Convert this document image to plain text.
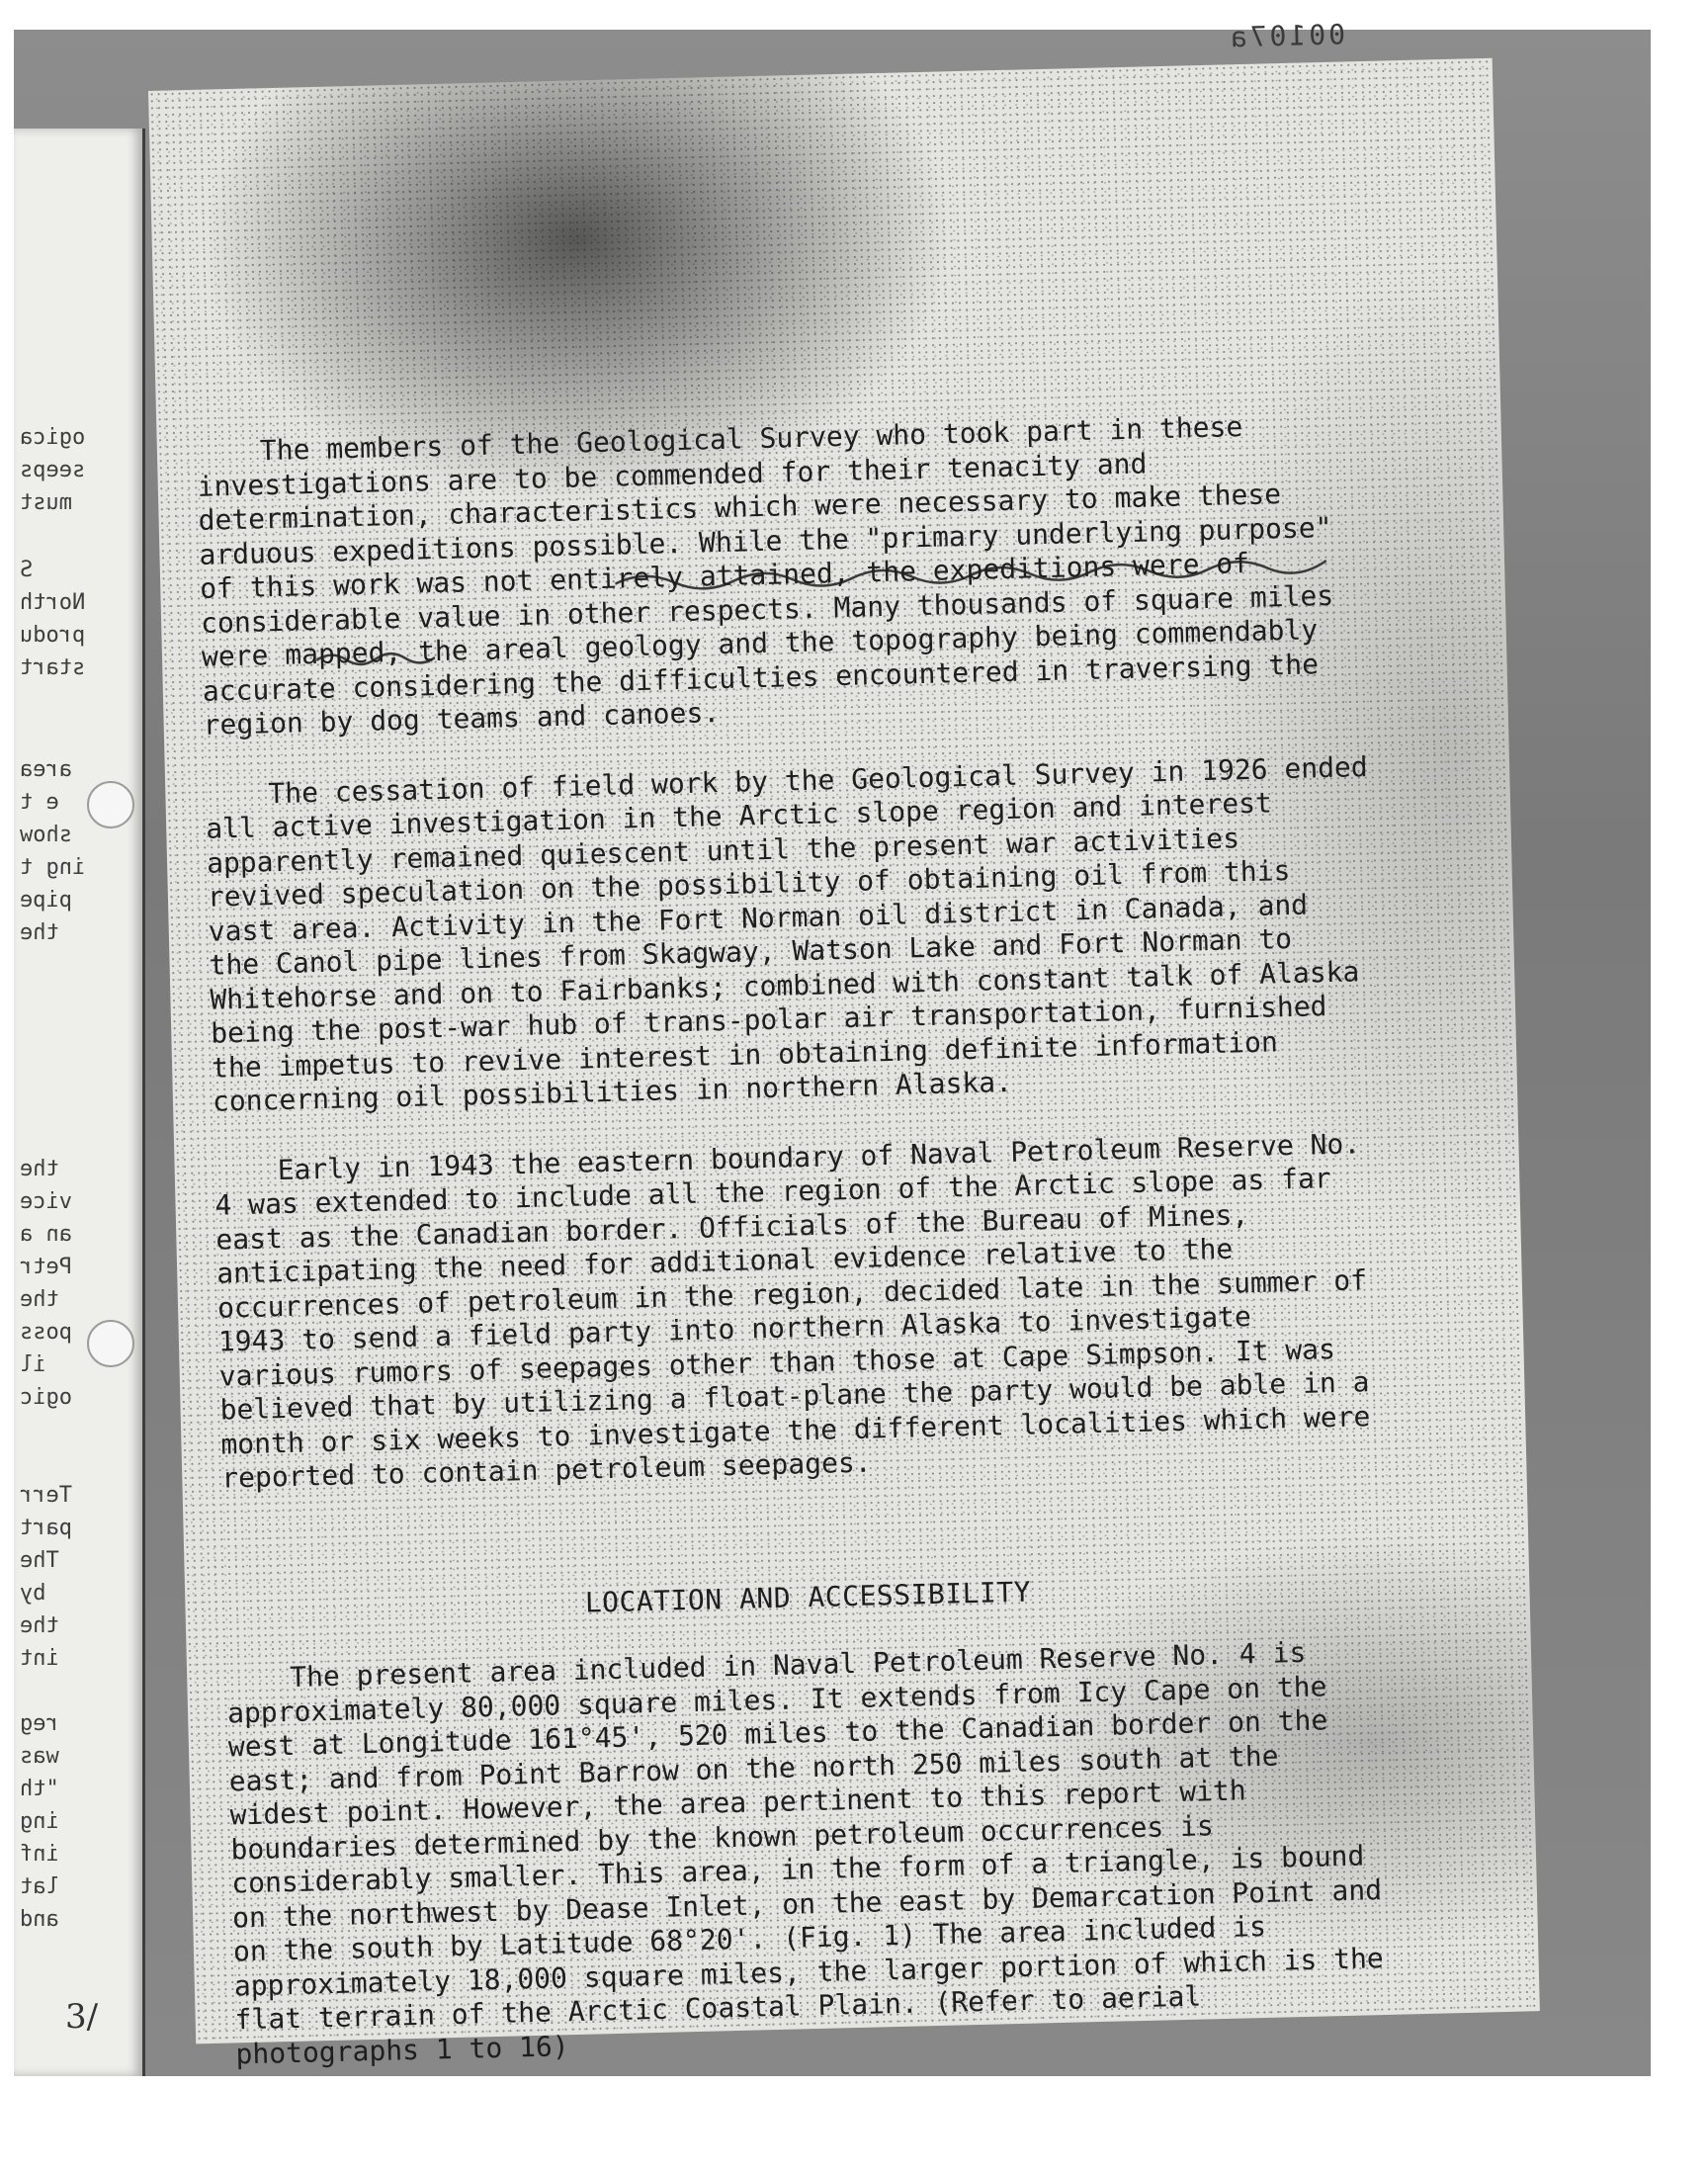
ogica
seeps
must
S
North
produ
start
area
e t
show
ing t
pipe
the
the
vice
an a
Petr
the
poss
il
ogic
Terr
part
The
by
the
int
reg
was
"th
ing
inf
lat
and
00107a

The members of the Geological Survey who took part in these investigations are to be commended for their tenacity and determination, characteristics which were necessary to make these arduous expeditions possible. While the "primary underlying purpose" of this work was not entirely attained, the expeditions were of considerable value in other respects. Many thousands of square miles were mapped, the areal geology and the topography being commendably accurate considering the difficulties encountered in traversing the region by dog teams and canoes.

The cessation of field work by the Geological Survey in 1926 ended all active investigation in the Arctic slope region and interest apparently remained quiescent until the present war activities revived speculation on the possibility of obtaining oil from this vast area. Activity in the Fort Norman oil district in Canada, and the Canol pipe lines from Skagway, Watson Lake and Fort Norman to Whitehorse and on to Fairbanks; combined with constant talk of Alaska being the post-war hub of trans-polar air transportation, furnished the impetus to revive interest in obtaining definite information concerning oil possibilities in northern Alaska.

Early in 1943 the eastern boundary of Naval Petroleum Reserve No. 4 was extended to include all the region of the Arctic slope as far east as the Canadian border. Officials of the Bureau of Mines, anticipating the need for additional evidence relative to the occurrences of petroleum in the region, decided late in the summer of 1943 to send a field party into northern Alaska to investigate various rumors of seepages other than those at Cape Simpson. It was believed that by utilizing a float-plane the party would be able in a month or six weeks to investigate the different localities which were reported to contain petroleum seepages.

LOCATION AND ACCESSIBILITY

The present area included in Naval Petroleum Reserve No. 4 is approximately 80,000 square miles. It extends from Icy Cape on the west at Longitude 161°45', 520 miles to the Canadian border on the east; and from Point Barrow on the north 250 miles south at the widest point. However, the area pertinent to this report with boundaries determined by the known petroleum occurrences is considerably smaller. This area, in the form of a triangle, is bound on the northwest by Dease Inlet, on the east by Demarcation Point and on the south by Latitude 68°20'. (Fig. 1) The area included is approximately 18,000 square miles, the larger portion of which is the flat terrain of the Arctic Coastal Plain. (Refer to aerial photographs 1 to 16)

3/
